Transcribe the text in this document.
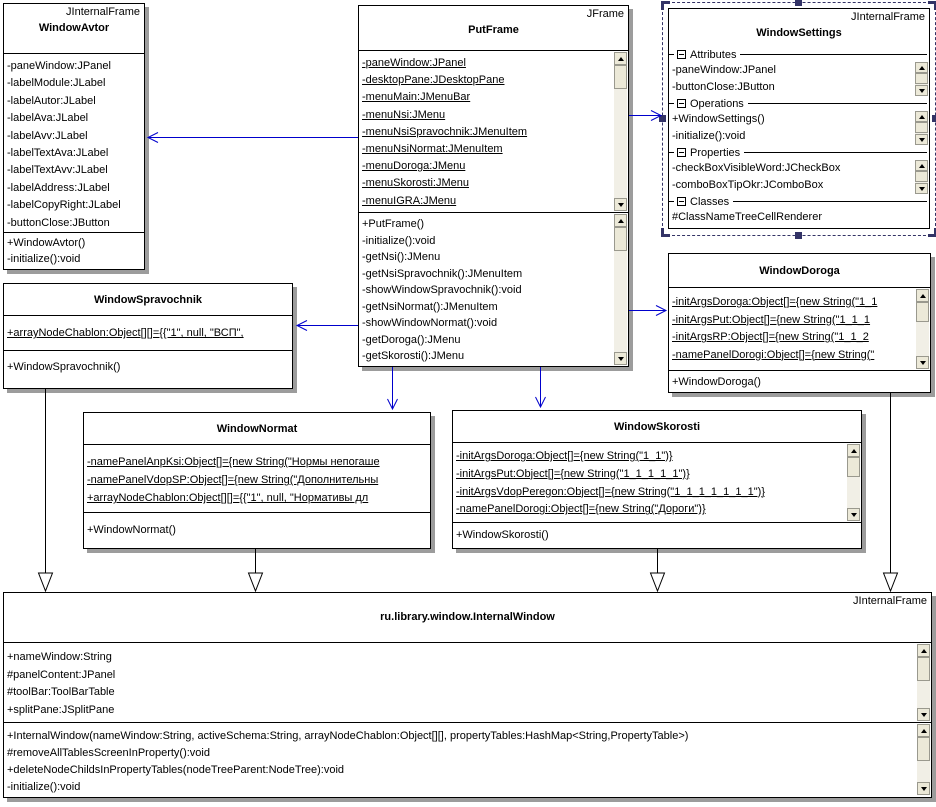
JInternalFrame
WindowAvtor
-paneWindow:JPanel
-labelModule:JLabel
-labelAutor:JLabel
-labelAva:JLabel
-labelAvv:JLabel
-labelTextAva:JLabel
-labelTextAvv:JLabel
-labelAddress:JLabel
-labelCopyRight:JLabel
-buttonClose:JButton
+WindowAvtor()
-initialize():void
JFrame
PutFrame
-paneWindow:JPanel
-desktopPane:JDesktopPane
-menuMain:JMenuBar
-menuNsi:JMenu
-menuNsiSpravochnik:JMenuItem
-menuNsiNormat:JMenuItem
-menuDoroga:JMenu
-menuSkorosti:JMenu
-menuIGRA:JMenu
+PutFrame()
-initialize():void
-getNsi():JMenu
-getNsiSpravochnik():JMenuItem
-showWindowSpravochnik():void
-getNsiNormat():JMenuItem
-showWindowNormat():void
-getDoroga():JMenu
-getSkorosti():JMenu
JInternalFrame
WindowSettings
Attributes
-paneWindow:JPanel
-buttonClose:JButton
Operations
+WindowSettings()
-initialize():void
Properties
-checkBoxVisibleWord:JCheckBox
-comboBoxTipOkr:JComboBox
Classes
#ClassNameTreeCellRenderer
WindowSpravochnik
+arrayNodeChablon:Object[][]={{"1", null, "ВСП",
+WindowSpravochnik()
WindowDoroga
-initArgsDoroga:Object[]={new String("1_1
-initArgsPut:Object[]={new String("1_1_1
-initArgsRP:Object[]={new String("1_1_2
-namePanelDorogi:Object[]={new String("
+WindowDoroga()
WindowNormat
-namePanelAnpKsi:Object[]={new String("Нормы непогаше
-namePanelVdopSP:Object[]={new String("Дополнительны
+arrayNodeChablon:Object[][]={{"1", null, "Нормативы дл
+WindowNormat()
WindowSkorosti
-initArgsDoroga:Object[]={new String("1_1")}
-initArgsPut:Object[]={new String("1_1_1_1_1")}
-initArgsVdopPeregon:Object[]={new String("1_1_1_1_1_1_1")}
-namePanelDorogi:Object[]={new String("Дороги")}
+WindowSkorosti()
JInternalFrame
ru.library.window.InternalWindow
+nameWindow:String
#panelContent:JPanel
#toolBar:ToolBarTable
+splitPane:JSplitPane
+InternalWindow(nameWindow:String, activeSchema:String, arrayNodeChablon:Object[][], propertyTables:HashMap<String,PropertyTable>)
#removeAllTablesScreenInProperty():void
+deleteNodeChildsInPropertyTables(nodeTreeParent:NodeTree):void
-initialize():void
